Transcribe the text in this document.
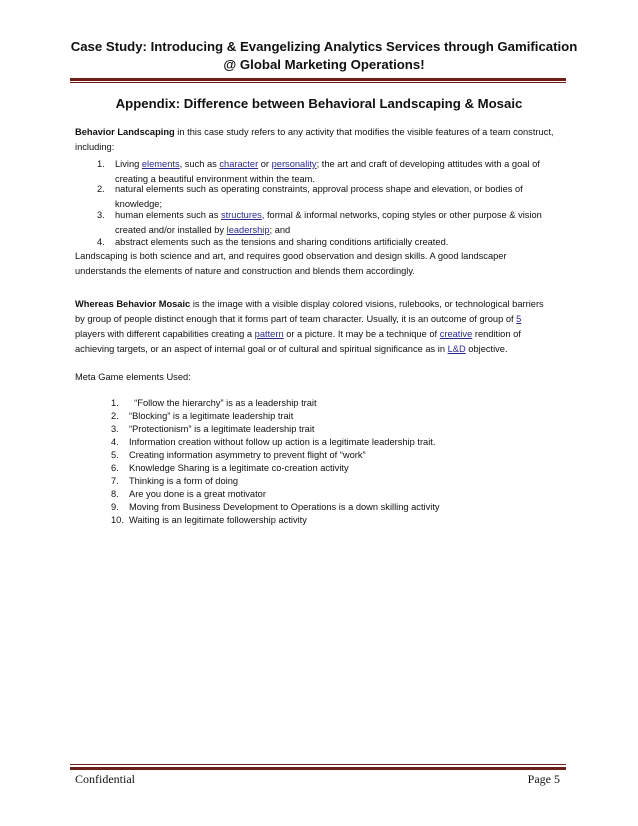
Case Study: Introducing & Evangelizing Analytics Services through Gamification
@ Global Marketing Operations!
Appendix: Difference between Behavioral Landscaping & Mosaic
Behavior Landscaping in this case study refers to any activity that modifies the visible features of a team construct,
including:
1. Living elements, such as character or personality; the art and craft of developing attitudes with a goal of
creating a beautiful environment within the team.
2. natural elements such as operating constraints, approval process shape and elevation, or bodies of
knowledge;
3. human elements such as structures, formal & informal networks, coping styles or other purpose & vision
created and/or installed by leadership; and
4. abstract elements such as the tensions and sharing conditions artificially created.
Landscaping is both science and art, and requires good observation and design skills. A good landscaper
understands the elements of nature and construction and blends them accordingly.
Whereas Behavior Mosaic is the image with a visible display colored visions, rulebooks, or technological barriers
by group of people distinct enough that it forms part of team character. Usually, it is an outcome of group of 5
players with different capabilities creating a pattern or a picture. It may be a technique of creative rendition of
achieving targets, or an aspect of internal goal or of cultural and spiritual significance as in L&D objective.
Meta Game elements Used:
1. “Follow the hierarchy” is as a leadership trait
2. “Blocking” is a legitimate leadership trait
3. “Protectionism” is a legitimate leadership trait
4. Information creation without follow up action is a legitimate leadership trait.
5. Creating information asymmetry to prevent flight of “work”
6. Knowledge Sharing is a legitimate co-creation activity
7. Thinking is a form of doing
8. Are you done is a great motivator
9. Moving from Business Development to Operations is a down skilling activity
10. Waiting is an legitimate followership activity
Confidential	Page 5
